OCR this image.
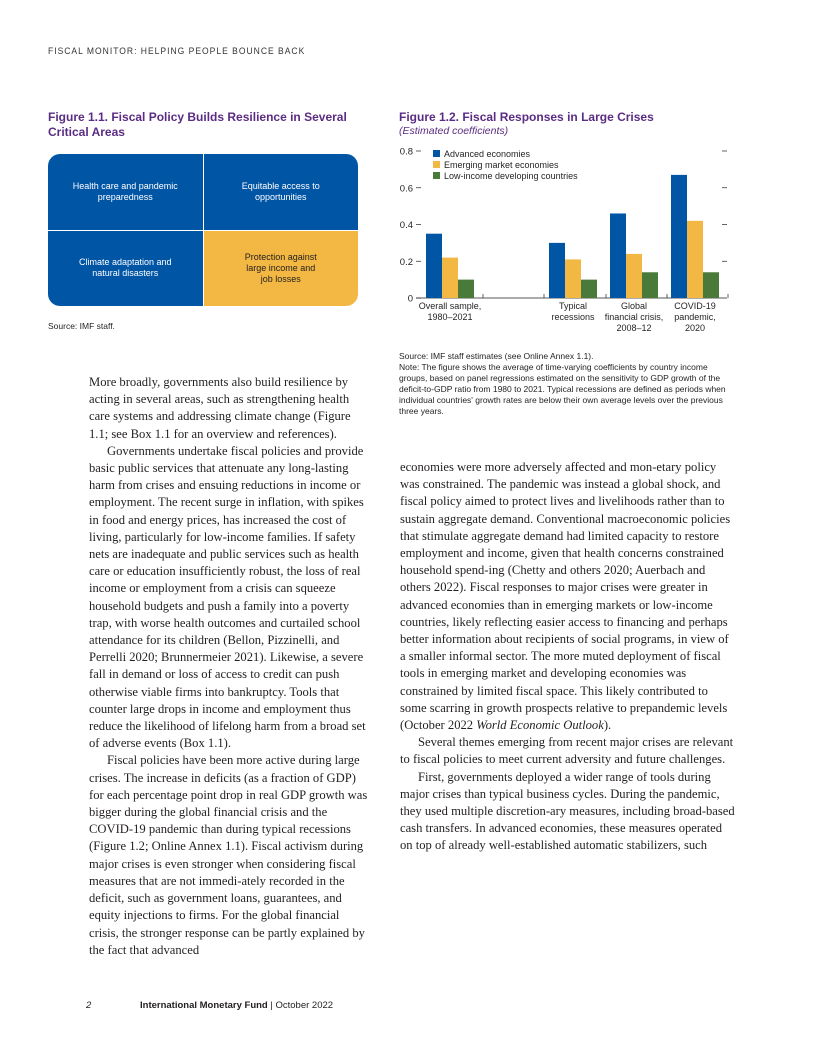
FISCAL MONITOR: HELPING PEOPLE BOUNCE BACK
Figure 1.1. Fiscal Policy Builds Resilience in Several Critical Areas
Health care and pandemic preparedness
Equitable access to opportunities
Climate adaptation and natural disasters
Protection against large income and job losses
Source: IMF staff.
Figure 1.2. Fiscal Responses in Large Crises
(Estimated coefficients)
0
0.2
0.4
0.6
0.8
Overall sample,
1980–2021
Typical
recessions
Global
financial crisis,
2008–12
COVID-19
pandemic,
2020
Advanced economies
Emerging market economies
Low-income developing countries
Source: IMF staff estimates (see Online Annex 1.1).
Note: The figure shows the average of time-varying coefficients by country income groups, based on panel regressions estimated on the sensitivity to GDP growth of the deficit-to-GDP ratio from 1980 to 2021. Typical recessions are defined as periods when individual countries' growth rates are below their own average levels over the previous three years.

More broadly, governments also build resilience by acting in several areas, such as strengthening health care systems and addressing climate change (Figure 1.1; see Box 1.1 for an overview and references).

Governments undertake fiscal policies and provide basic public services that attenuate any long-lasting harm from crises and ensuing reductions in income or employment. The recent surge in inflation, with spikes in food and energy prices, has increased the cost of living, particularly for low-income families. If safety nets are inadequate and public services such as health care or education insufficiently robust, the loss of real income or employment from a crisis can squeeze household budgets and push a family into a poverty trap, with worse health outcomes and curtailed school attendance for its children (Bellon, Pizzinelli, and Perrelli 2020; Brunnermeier 2021). Likewise, a severe fall in demand or loss of access to credit can push otherwise viable firms into bankruptcy. Tools that counter large drops in income and employment thus reduce the likelihood of lifelong harm from a broad set of adverse events (Box 1.1).

Fiscal policies have been more active during large crises. The increase in deficits (as a fraction of GDP) for each percentage point drop in real GDP growth was bigger during the global financial crisis and the COVID-19 pandemic than during typical recessions (Figure 1.2; Online Annex 1.1). Fiscal activism during major crises is even stronger when considering fiscal measures that are not immedi-ately recorded in the deficit, such as government loans, guarantees, and equity injections to firms. For the global financial crisis, the stronger response can be partly explained by the fact that advanced

economies were more adversely affected and mon-etary policy was constrained. The pandemic was instead a global shock, and fiscal policy aimed to protect lives and livelihoods rather than to sustain aggregate demand. Conventional macroeconomic policies that stimulate aggregate demand had limited capacity to restore employment and income, given that health concerns constrained household spend-ing (Chetty and others 2020; Auerbach and others 2022). Fiscal responses to major crises were greater in advanced economies than in emerging markets or low-income countries, likely reflecting easier access to financing and perhaps better information about recipients of social programs, in view of a smaller informal sector. The more muted deployment of fiscal tools in emerging market and developing economies was constrained by limited fiscal space. This likely contributed to some scarring in growth prospects relative to prepandemic levels (October 2022 World Economic Outlook).

Several themes emerging from recent major crises are relevant to fiscal policies to meet current adversity and future challenges.

First, governments deployed a wider range of tools during major crises than typical business cycles. During the pandemic, they used multiple discretion-ary measures, including broad-based cash transfers. In advanced economies, these measures operated on top of already well-established automatic stabilizers, such

2	International Monetary Fund | October 2022
